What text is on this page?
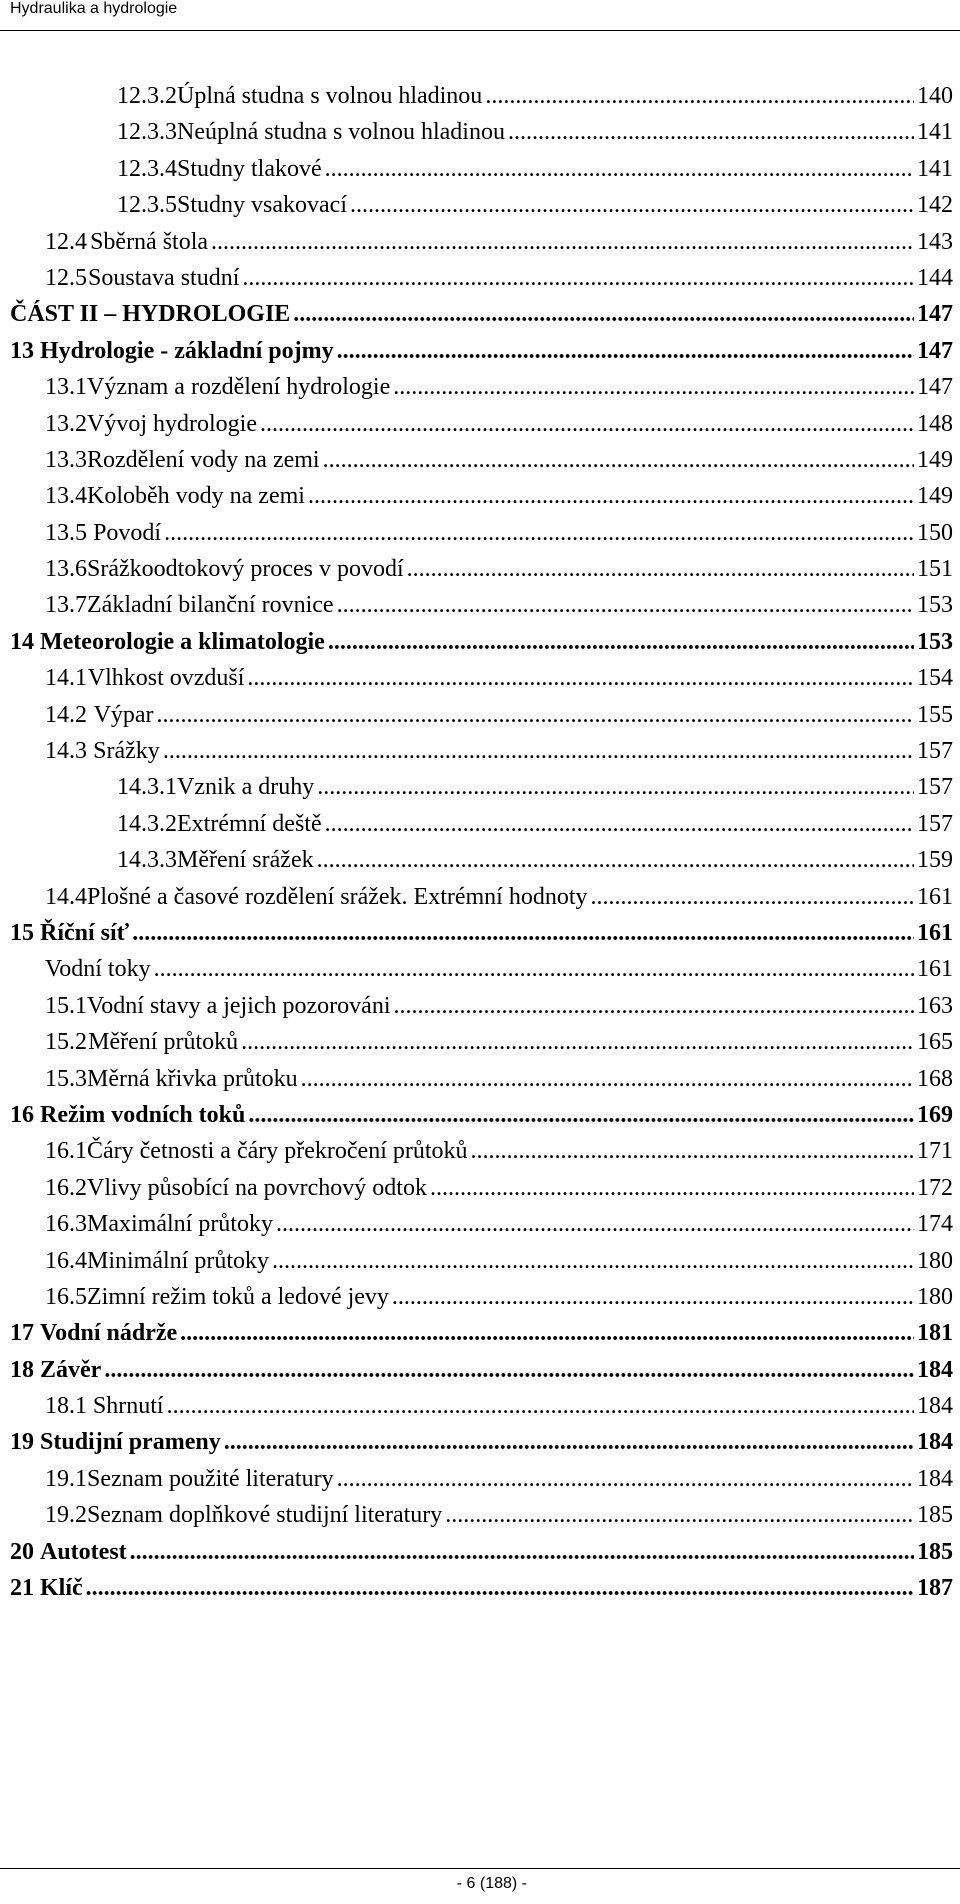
Hydraulika a hydrologie
12.3.2 Úplná studna s volnou hladinou .....	140
12.3.3 Neúplná studna s volnou hladinou .....	141
12.3.4 Studny tlakové .....	141
12.3.5 Studny vsakovací .....	142
12.4 Sběrná štola .....	143
12.5 Soustava studní .....	144
ČÁST II – HYDROLOGIE .....	147
13 Hydrologie - základní pojmy .....	147
13.1 Význam a rozdělení hydrologie .....	147
13.2 Vývoj hydrologie .....	148
13.3 Rozdělení vody na zemi .....	149
13.4 Koloběh vody na zemi .....	149
13.5 Povodí .....	150
13.6 Srážkoodtokový proces v povodí .....	151
13.7 Základní bilanční rovnice .....	153
14 Meteorologie a klimatologie .....	153
14.1 Vlhkost ovzduší .....	154
14.2 Výpar .....	155
14.3 Srážky .....	157
14.3.1 Vznik a druhy .....	157
14.3.2 Extrémní deště .....	157
14.3.3 Měření srážek .....	159
14.4 Plošné a časové rozdělení srážek. Extrémní hodnoty .....	161
15 Říční síť .....	161
Vodní toky .....	161
15.1 Vodní stavy a jejich pozorováni .....	163
15.2 Měření průtoků .....	165
15.3 Měrná křivka průtoku .....	168
16 Režim vodních toků .....	169
16.1 Čáry četnosti a čáry překročení průtoků .....	171
16.2 Vlivy působící na povrchový odtok .....	172
16.3 Maximální průtoky .....	174
16.4 Minimální průtoky .....	180
16.5 Zimní režim toků a ledové jevy .....	180
17 Vodní nádrže .....	181
18 Závěr .....	184
18.1 Shrnutí .....	184
19 Studijní prameny .....	184
19.1 Seznam použité literatury .....	184
19.2 Seznam doplňkové studijní literatury .....	185
20 Autotest .....	185
21 Klíč .....	187
- 6 (188) -
